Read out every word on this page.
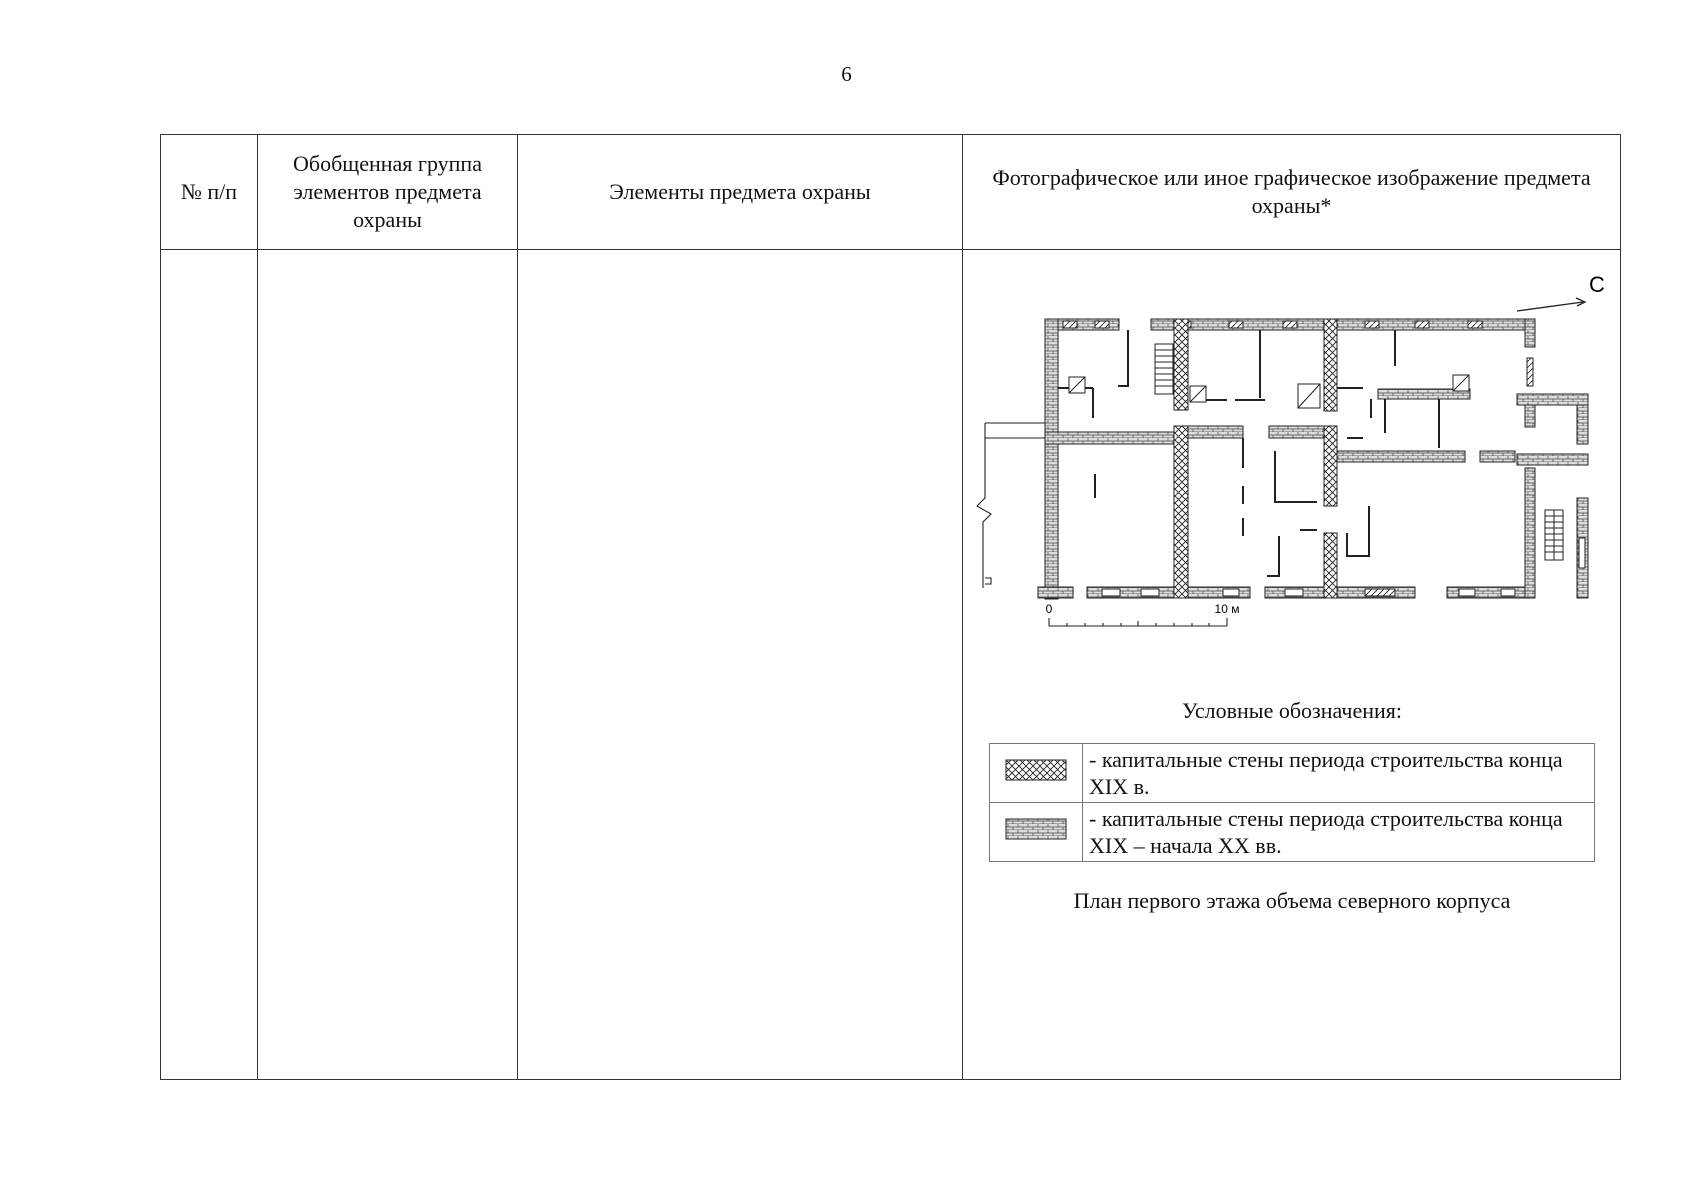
6
№ п/п	Обобщенная группа элементов предмета охраны	Элементы предмета охраны	Фотографическое или иное графическое изображение предмета охраны*

С
0	10 м
Условные обозначения:
	- капитальные стены периода строительства конца XIX в.
	- капитальные стены периода строительства конца XIX – начала XX вв.
План первого этажа объема северного корпуса
